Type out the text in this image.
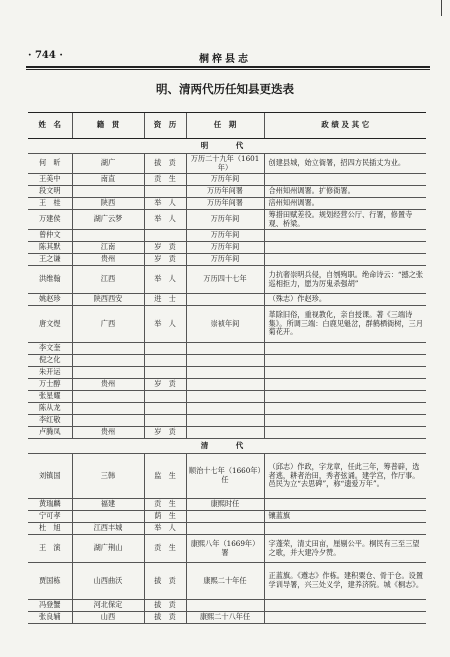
· 744 ·	桐梓县志
明、清两代历任知县更迭表
姓　名	籍　贯	资　历	任　期	政 绩 及 其 它
明　代				
何　昕	湖广	拔　贡	万历二十九年（1601年）	创建县城，始立衙署，招四方民插丈为业。
王美中	南直	贡　生	万历年间	
段文明			万历年间署	合州知州调署。扩修衙署。
王　桂	陕西	举　人	万历年间署	涪州知州调署。
万建侯	湖广云梦	举　人	万历年间	筹措田赋差役。规划经营公厅、行署，修置寺观、桥梁。
曾仲文			万历年间	
陈其默	江南	岁　贡	万历年间	
王之谦	贵州	岁　贡	万历年间	
洪维翰	江西	举　人	万历四十七年	力抗奢崇明兵侵，自刎殉职。绝命诗云：“撼之张巡相拒力，愿为厉鬼杀强胡”
姚赵珍	陕西西安	进　士		（殊志）作赵珍。
唐文煜	广西	举　人	崇祯年间	革除旧俗，重视教化，亲自授课。著《三端诗集》。所调三端：白鹿见魁岔，群鹤栖衙树，三月菊花开。
李文奎				
倪之化				
朱开运				
万士醇	贵州	岁　贡		
张星耀				
陈从龙				
李红敬				
卢腾凤	贵州	岁　贡		
清　代				
刘镇国	三韩	监　生	顺治十七年（1660年）任	（邱志）作政，字龙章，任此三年，筹普辟，选者逃，耕者治田，秀者弦诵。建学宫，作厅事。邑民为立“去思碑”，称“遗爱万年”。
黄瑞麟	福建	贡　生	康熙时任	
宁可孝		荫　生		镶蓝旗
杜　旭	江西丰城	举　人		
王　演	湖广荆山	贡　生	康熙八年（1669年）署	字蓬荣，清丈田亩，厘剔公平。桐民有三至三望之歌，并大建冷夕赞。
贾国栋	山西曲沃	拔　贡	康熙二十年任	正蓝旗。《遵志》作栋。建积粟仓、骨于仓。设置学训导署，兴三处义学，建养济院。城《桐志》。
冯登蟹	河北保定	拔　贡		
张良辅	山西	拔　贡	康熙二十八年任	
